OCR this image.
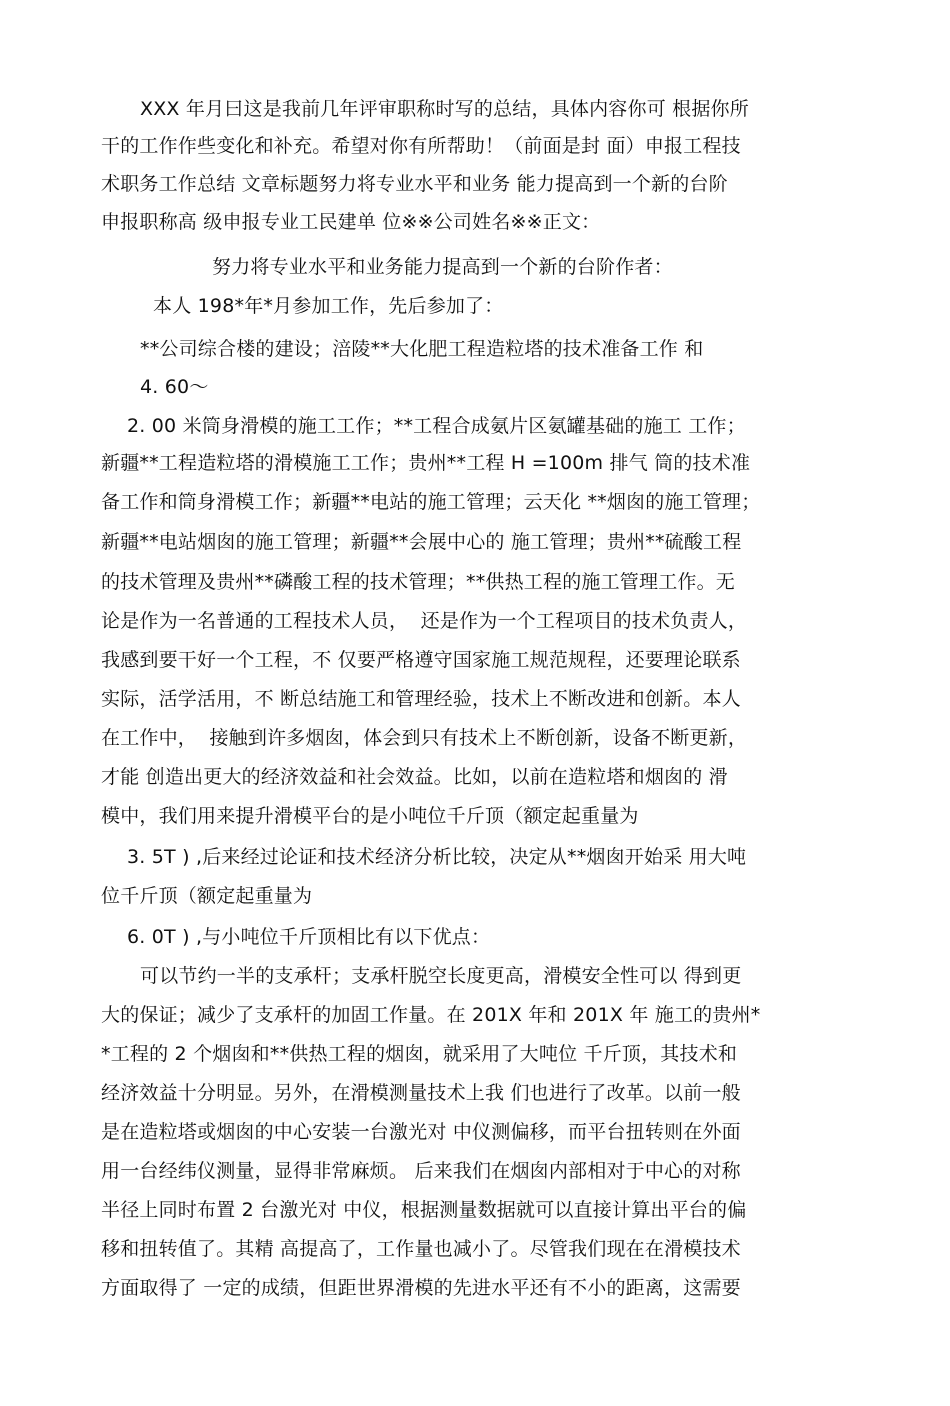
XXX 年月曰这是我前几年评审职称时写的总结，具体内容你可 根据你所
干的工作作些变化和补充。希望对你有所帮助！（前面是封 面）申报工程技
术职务工作总结 文章标题努力将专业水平和业务 能力提高到一个新的台阶
申报职称高 级申报专业工民建单 位※※公司姓名※※正文：
努力将专业水平和业务能力提高到一个新的台阶作者：
本人 198*年*月参加工作，先后参加了：
**公司综合楼的建设；涪陵**大化肥工程造粒塔的技术准备工作 和
4. 60～
2. 00 米筒身滑模的施工工作；**工程合成氨片区氨罐基础的施工 工作；
新疆**工程造粒塔的滑模施工工作；贵州**工程 H =100m 排气 筒的技术准
备工作和筒身滑模工作；新疆**电站的施工管理；云天化 **烟囱的施工管理；
新疆**电站烟囱的施工管理；新疆**会展中心的 施工管理；贵州**硫酸工程
的技术管理及贵州**磷酸工程的技术管理；**供热工程的施工管理工作。无
论是作为一名普通的工程技术人员，  还是作为一个工程项目的技术负责人，
我感到要干好一个工程，不 仅要严格遵守国家施工规范规程，还要理论联系
实际，活学活用，不 断总结施工和管理经验，技术上不断改进和创新。本人
在工作中，  接触到许多烟囱，体会到只有技术上不断创新，设备不断更新，
才能 创造出更大的经济效益和社会效益。比如，以前在造粒塔和烟囱的 滑
模中，我们用来提升滑模平台的是小吨位千斤顶（额定起重量为
3. 5T ) ,后来经过论证和技术经济分析比较，决定从**烟囱开始采 用大吨
位千斤顶（额定起重量为
6. 0T ) ,与小吨位千斤顶相比有以下优点：
可以节约一半的支承杆；支承杆脱空长度更高，滑模安全性可以 得到更
大的保证；减少了支承杆的加固工作量。在 201X 年和 201X 年 施工的贵州*
*工程的 2 个烟囱和**供热工程的烟囱，就采用了大吨位 千斤顶，其技术和
经济效益十分明显。另外，在滑模测量技术上我 们也进行了改革。以前一般
是在造粒塔或烟囱的中心安装一台激光对 中仪测偏移，而平台扭转则在外面
用一台经纬仪测量，显得非常麻烦。 后来我们在烟囱内部相对于中心的对称
半径上同时布置 2 台激光对 中仪，根据测量数据就可以直接计算出平台的偏
移和扭转值了。其精 高提高了，工作量也减小了。尽管我们现在在滑模技术
方面取得了 一定的成绩，但距世界滑模的先进水平还有不小的距离，这需要
